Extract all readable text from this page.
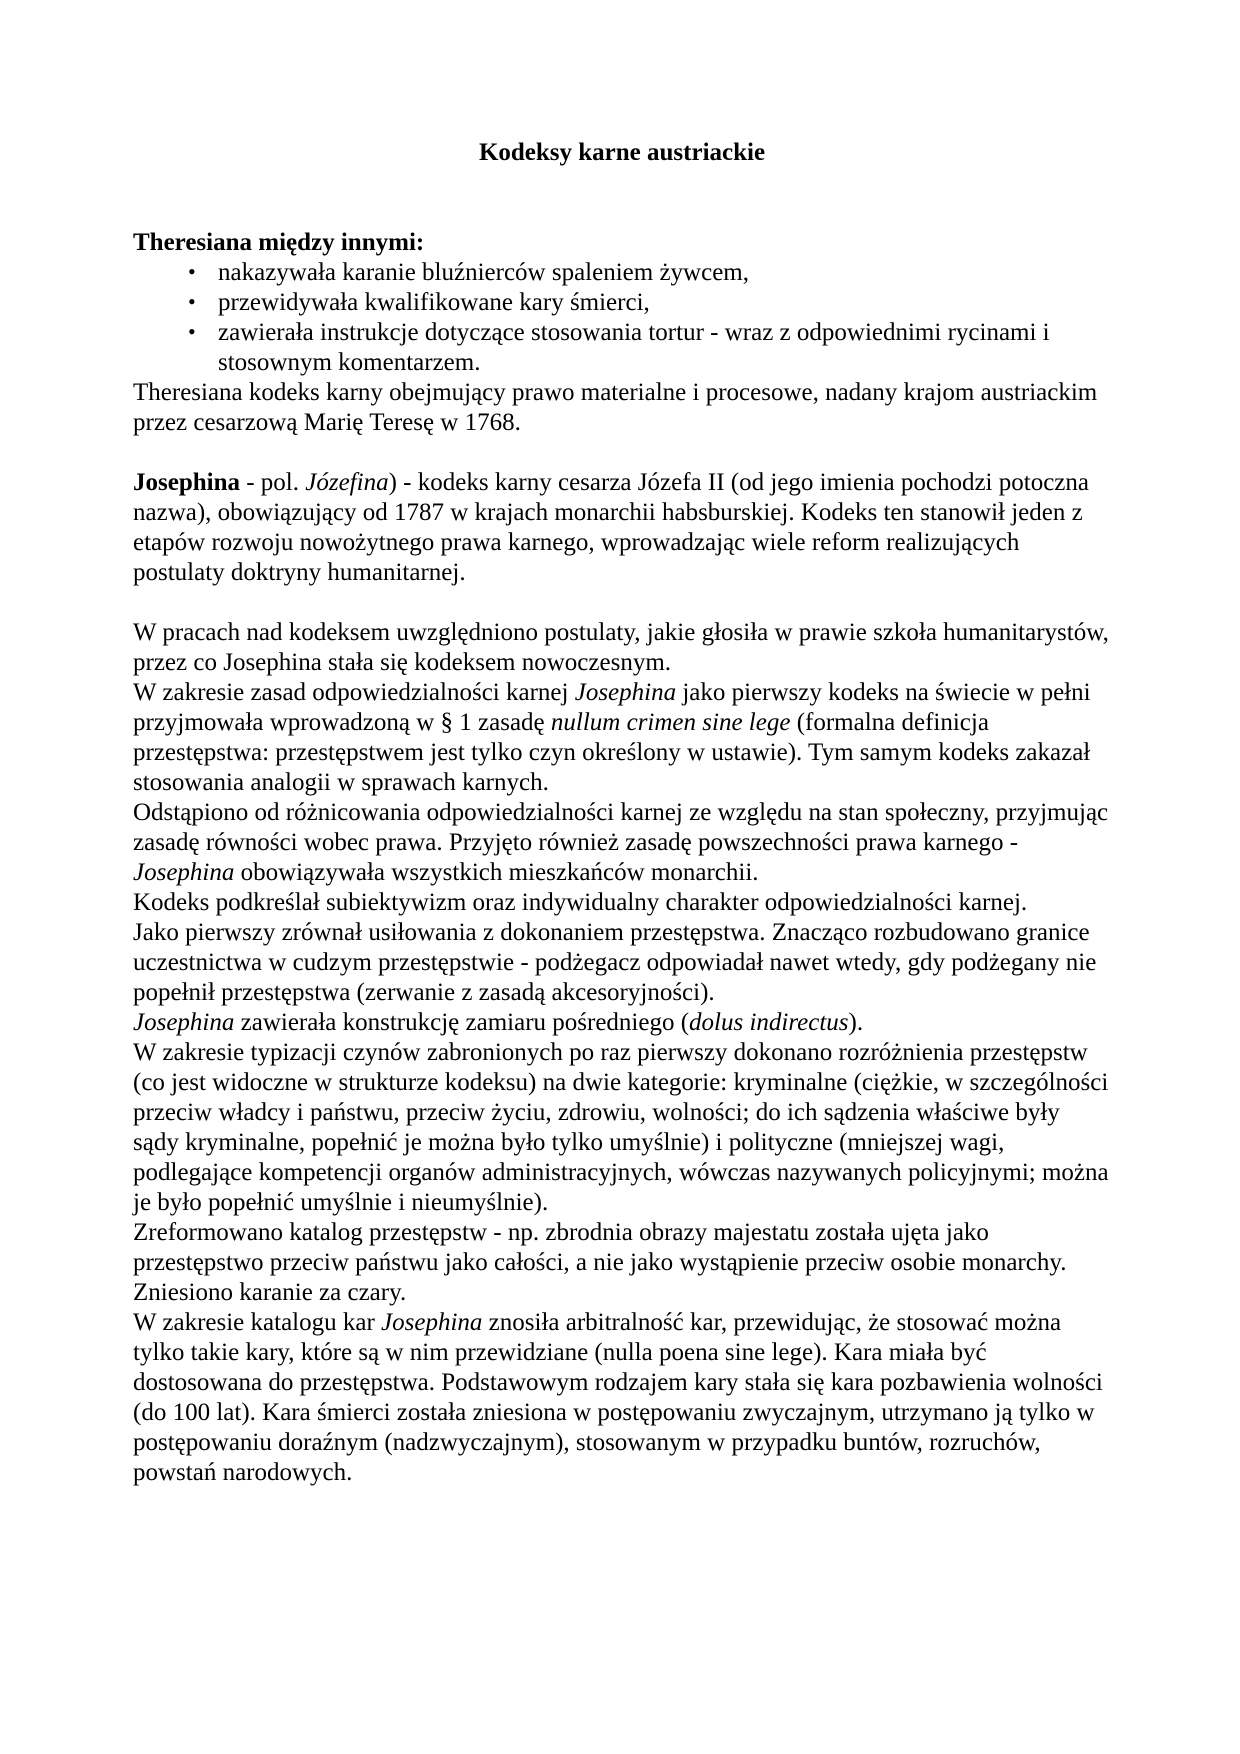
Kodeksy karne austriackie
Theresiana między innymi:
• nakazywała karanie bluźnierców spaleniem żywcem,
• przewidywała kwalifikowane kary śmierci,
• zawierała instrukcje dotyczące stosowania tortur - wraz z odpowiednimi rycinami i stosownym komentarzem.
Theresiana kodeks karny obejmujący prawo materialne i procesowe, nadany krajom austriackim przez cesarzową Marię Teresę w 1768.
Josephina - pol. Józefina) - kodeks karny cesarza Józefa II (od jego imienia pochodzi potoczna nazwa), obowiązujący od 1787 w krajach monarchii habsburskiej. Kodeks ten stanowił jeden z etapów rozwoju nowożytnego prawa karnego, wprowadzając wiele reform realizujących postulaty doktryny humanitarnej.
W pracach nad kodeksem uwzględniono postulaty, jakie głosiła w prawie szkoła humanitarystów, przez co Josephina stała się kodeksem nowoczesnym.
W zakresie zasad odpowiedzialności karnej Josephina jako pierwszy kodeks na świecie w pełni przyjmowała wprowadzoną w § 1 zasadę nullum crimen sine lege (formalna definicja przestępstwa: przestępstwem jest tylko czyn określony w ustawie). Tym samym kodeks zakazał stosowania analogii w sprawach karnych.
Odstąpiono od różnicowania odpowiedzialności karnej ze względu na stan społeczny, przyjmując zasadę równości wobec prawa. Przyjęto również zasadę powszechności prawa karnego - Josephina obowiązywała wszystkich mieszkańców monarchii.
Kodeks podkreślał subiektywizm oraz indywidualny charakter odpowiedzialności karnej.
Jako pierwszy zrównał usiłowania z dokonaniem przestępstwa. Znacząco rozbudowano granice uczestnictwa w cudzym przestępstwie - podżegacz odpowiadał nawet wtedy, gdy podżegany nie popełnił przestępstwa (zerwanie z zasadą akcesoryjności).
Josephina zawierała konstrukcję zamiaru pośredniego (dolus indirectus).
W zakresie typizacji czynów zabronionych po raz pierwszy dokonano rozróżnienia przestępstw (co jest widoczne w strukturze kodeksu) na dwie kategorie: kryminalne (ciężkie, w szczególności przeciw władcy i państwu, przeciw życiu, zdrowiu, wolności; do ich sądzenia właściwe były sądy kryminalne, popełnić je można było tylko umyślnie) i polityczne (mniejszej wagi, podlegające kompetencji organów administracyjnych, wówczas nazywanych policyjnymi; można je było popełnić umyślnie i nieumyślnie).
Zreformowano katalog przestępstw - np. zbrodnia obrazy majestatu została ujęta jako przestępstwo przeciw państwu jako całości, a nie jako wystąpienie przeciw osobie monarchy.
Zniesiono karanie za czary.
W zakresie katalogu kar Josephina znosiła arbitralność kar, przewidując, że stosować można tylko takie kary, które są w nim przewidziane (nulla poena sine lege). Kara miała być dostosowana do przestępstwa. Podstawowym rodzajem kary stała się kara pozbawienia wolności (do 100 lat). Kara śmierci została zniesiona w postępowaniu zwyczajnym, utrzymano ją tylko w postępowaniu doraźnym (nadzwyczajnym), stosowanym w przypadku buntów, rozruchów, powstań narodowych.
